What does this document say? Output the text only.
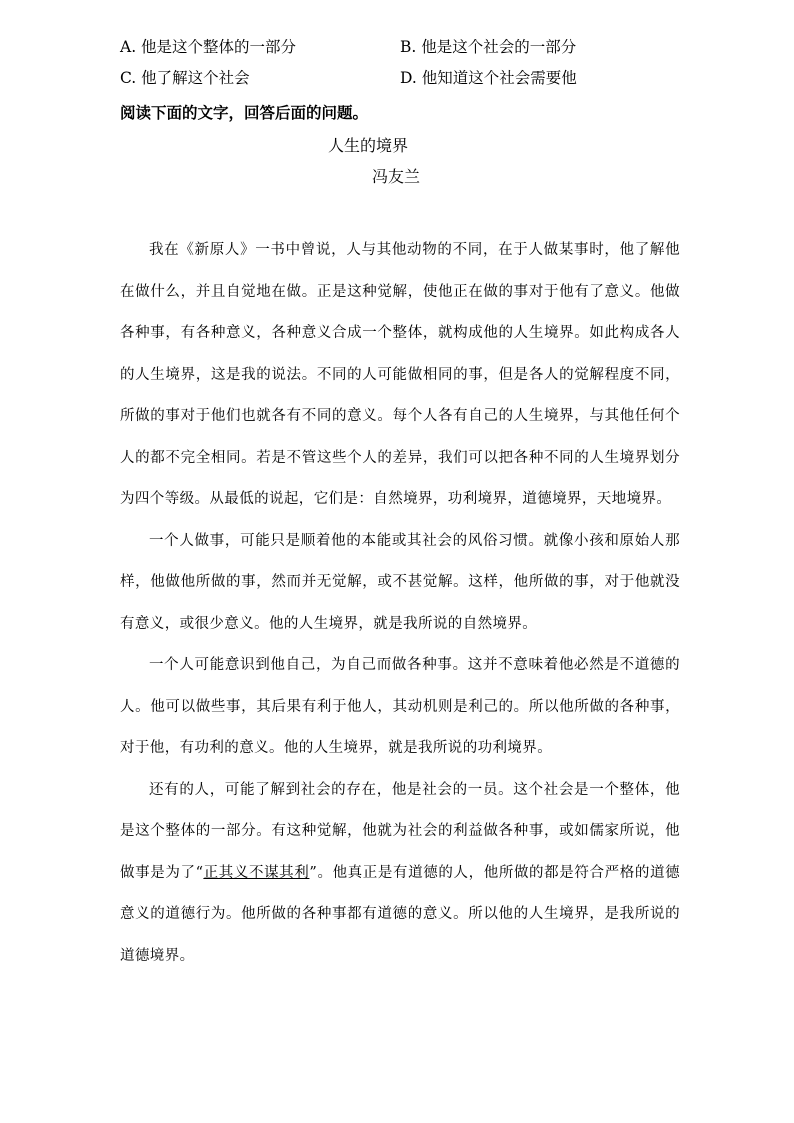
A. 他是这个整体的一部分	B. 他是这个社会的一部分
C. 他了解这个社会	D. 他知道这个社会需要他
阅读下面的文字，回答后面的问题。
人生的境界
冯友兰

我在《新原人》一书中曾说，人与其他动物的不同，在于人做某事时，他了解他在做什么，并且自觉地在做。正是这种觉解，使他正在做的事对于他有了意义。他做各种事，有各种意义，各种意义合成一个整体，就构成他的人生境界。如此构成各人的人生境界，这是我的说法。不同的人可能做相同的事，但是各人的觉解程度不同，所做的事对于他们也就各有不同的意义。每个人各有自己的人生境界，与其他任何个人的都不完全相同。若是不管这些个人的差异，我们可以把各种不同的人生境界划分为四个等级。从最低的说起，它们是：自然境界，功利境界，道德境界，天地境界。

一个人做事，可能只是顺着他的本能或其社会的风俗习惯。就像小孩和原始人那样，他做他所做的事，然而并无觉解，或不甚觉解。这样，他所做的事，对于他就没有意义，或很少意义。他的人生境界，就是我所说的自然境界。

一个人可能意识到他自己，为自己而做各种事。这并不意味着他必然是不道德的人。他可以做些事，其后果有利于他人，其动机则是利己的。所以他所做的各种事，对于他，有功利的意义。他的人生境界，就是我所说的功利境界。

还有的人，可能了解到社会的存在，他是社会的一员。这个社会是一个整体，他是这个整体的一部分。有这种觉解，他就为社会的利益做各种事，或如儒家所说，他做事是为了“正其义不谋其利”。他真正是有道德的人，他所做的都是符合严格的道德意义的道德行为。他所做的各种事都有道德的意义。所以他的人生境界，是我所说的道德境界。
